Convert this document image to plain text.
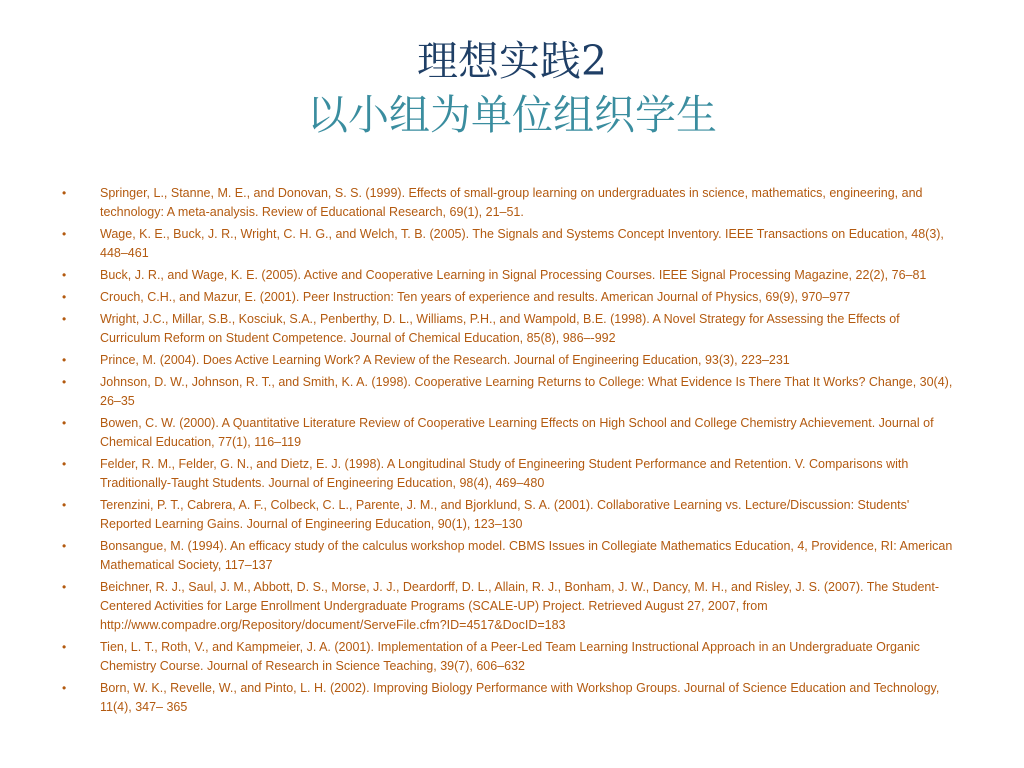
理想实践2
以小组为单位组织学生
•	Springer, L., Stanne, M. E., and Donovan, S. S. (1999). Effects of small-group learning on undergraduates in science, mathematics, engineering, and technology: A meta-analysis. Review of Educational Research, 69(1), 21–51.
•	Wage, K. E., Buck, J. R., Wright, C. H. G., and Welch, T. B. (2005). The Signals and Systems Concept Inventory. IEEE Transactions on Education, 48(3), 448–461
•	Buck, J. R., and Wage, K. E. (2005). Active and Cooperative Learning in Signal Processing Courses. IEEE Signal Processing Magazine, 22(2), 76–81
•	Crouch, C.H., and Mazur, E. (2001). Peer Instruction: Ten years of experience and results. American Journal of Physics, 69(9), 970–977
•	Wright, J.C., Millar, S.B., Kosciuk, S.A., Penberthy, D. L., Williams, P.H., and Wampold, B.E. (1998). A Novel Strategy for Assessing the Effects of Curriculum Reform on Student Competence. Journal of Chemical Education, 85(8), 986–-992
•	Prince, M. (2004). Does Active Learning Work? A Review of the Research. Journal of Engineering Education, 93(3), 223–231
•	Johnson, D. W., Johnson, R. T., and Smith, K. A. (1998). Cooperative Learning Returns to College: What Evidence Is There That It Works? Change, 30(4), 26–35
•	Bowen, C. W. (2000). A Quantitative Literature Review of Cooperative Learning Effects on High School and College Chemistry Achievement. Journal of Chemical Education, 77(1), 116–119
•	Felder, R. M., Felder, G. N., and Dietz, E. J. (1998). A Longitudinal Study of Engineering Student Performance and Retention. V. Comparisons with Traditionally-Taught Students. Journal of Engineering Education, 98(4), 469–480
•	Terenzini, P. T., Cabrera, A. F., Colbeck, C. L., Parente, J. M., and Bjorklund, S. A. (2001). Collaborative Learning vs. Lecture/Discussion: Students' Reported Learning Gains. Journal of Engineering Education, 90(1), 123–130
•	Bonsangue, M. (1994). An efficacy study of the calculus workshop model. CBMS Issues in Collegiate Mathematics Education, 4, Providence, RI: American Mathematical Society, 117–137
•	Beichner, R. J., Saul, J. M., Abbott, D. S., Morse, J. J., Deardorff, D. L., Allain, R. J., Bonham, J. W., Dancy, M. H., and Risley, J. S. (2007). The Student-Centered Activities for Large Enrollment Undergraduate Programs (SCALE-UP) Project. Retrieved August 27, 2007, from http://www.compadre.org/Repository/document/ServeFile.cfm?ID=4517&DocID=183
•	Tien, L. T., Roth, V., and Kampmeier, J. A. (2001). Implementation of a Peer-Led Team Learning Instructional Approach in an Undergraduate Organic Chemistry Course. Journal of Research in Science Teaching, 39(7), 606–632
•	Born, W. K., Revelle, W., and Pinto, L. H. (2002). Improving Biology Performance with Workshop Groups. Journal of Science Education and Technology, 11(4), 347– 365
